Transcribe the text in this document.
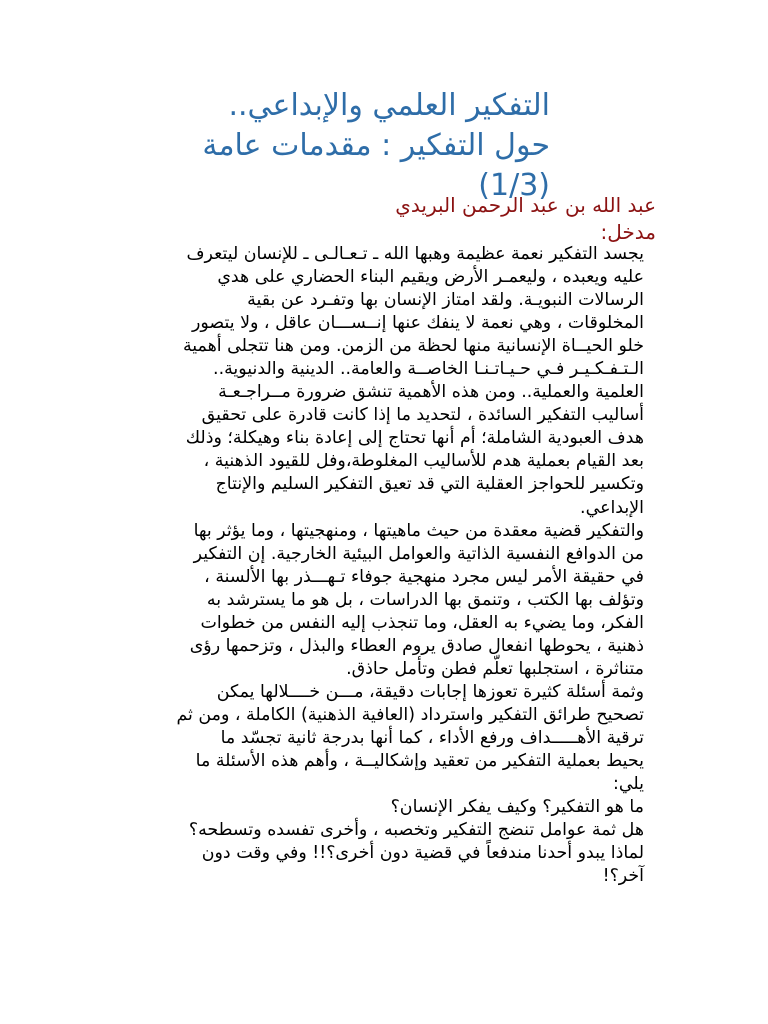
التفكير العلمي والإبداعي..
حول التفكير : مقدمات عامة
(1/3)
عبد الله بن عبد الرحمن البريدي
مدخل:
يجسد التفكير نعمة عظيمة وهبها الله ـ تـعـالـى ـ للإنسان ليتعرف
عليه ويعبده ، وليعمـر الأرض ويقيم البناء الحضاري على هدي
الرسالات النبويـة. ولقد امتاز الإنسان بها وتفـرد عن بقية
المخلوقات ، وهي نعمة لا ينفك عنها إنــســـان عاقل ، ولا يتصور
خلو الحيــاة الإنسانية منها لحظة من الزمن. ومن هنا تتجلى أهمية
الـتـفـكـيـر فـي حـيـاتـنـا الخاصــة والعامة.. الدينية والدنيوية..
العلمية والعملية.. ومن هذه الأهمية تنشق ضرورة مــراجـعـة
أساليب التفكير السائدة ، لتحديد ما إذا كانت قادرة على تحقيق
هدف العبودية الشاملة؛ أم أنها تحتاج إلى إعادة بناء وهيكلة؛ وذلك
بعد القيام بعملية هدم للأساليب المغلوطة،وفل للقيود الذهنية ،
وتكسير للحواجز العقلية التي قد تعيق التفكير السليم والإنتاج
الإبداعي.
والتفكير قضية معقدة من حيث ماهيتها ، ومنهجيتها ، وما يؤثر بها
من الدوافع النفسية الذاتية والعوامل البيئية الخارجية. إن التفكير
في حقيقة الأمر ليس مجرد منهجية جوفاء تـهـــذر بها الألسنة ،
وتؤلف بها الكتب ، وتنمق بها الدراسات ، بل هو ما يسترشد به
الفكر، وما يضيء به العقل، وما تنجذب إليه النفس من خطوات
ذهنية ، يحوطها انفعال صادق يروم العطاء والبذل ، وتزحمها رؤى
متناثرة ، استجلبها تعلّم فطن وتأمل حاذق.
وثمة أسئلة كثيرة تعوزها إجابات دقيقة، مـــن خــــلالها يمكن
تصحيح طرائق التفكير واسترداد (العافية الذهنية) الكاملة ، ومن ثم
ترقية الأهـــــداف ورفع الأداء ، كما أنها بدرجة ثانية تجسّد ما
يحيط بعملية التفكير من تعقيد وإشكاليــة ، وأهم هذه الأسئلة ما
يلي:
ما هو التفكير؟ وكيف يفكر الإنسان؟
هل ثمة عوامل تنضج التفكير وتخصبه ، وأخرى تفسده وتسطحه؟
لماذا يبدو أحدنا مندفعاً في قضية دون أخرى؟!! وفي وقت دون
آخر؟!
